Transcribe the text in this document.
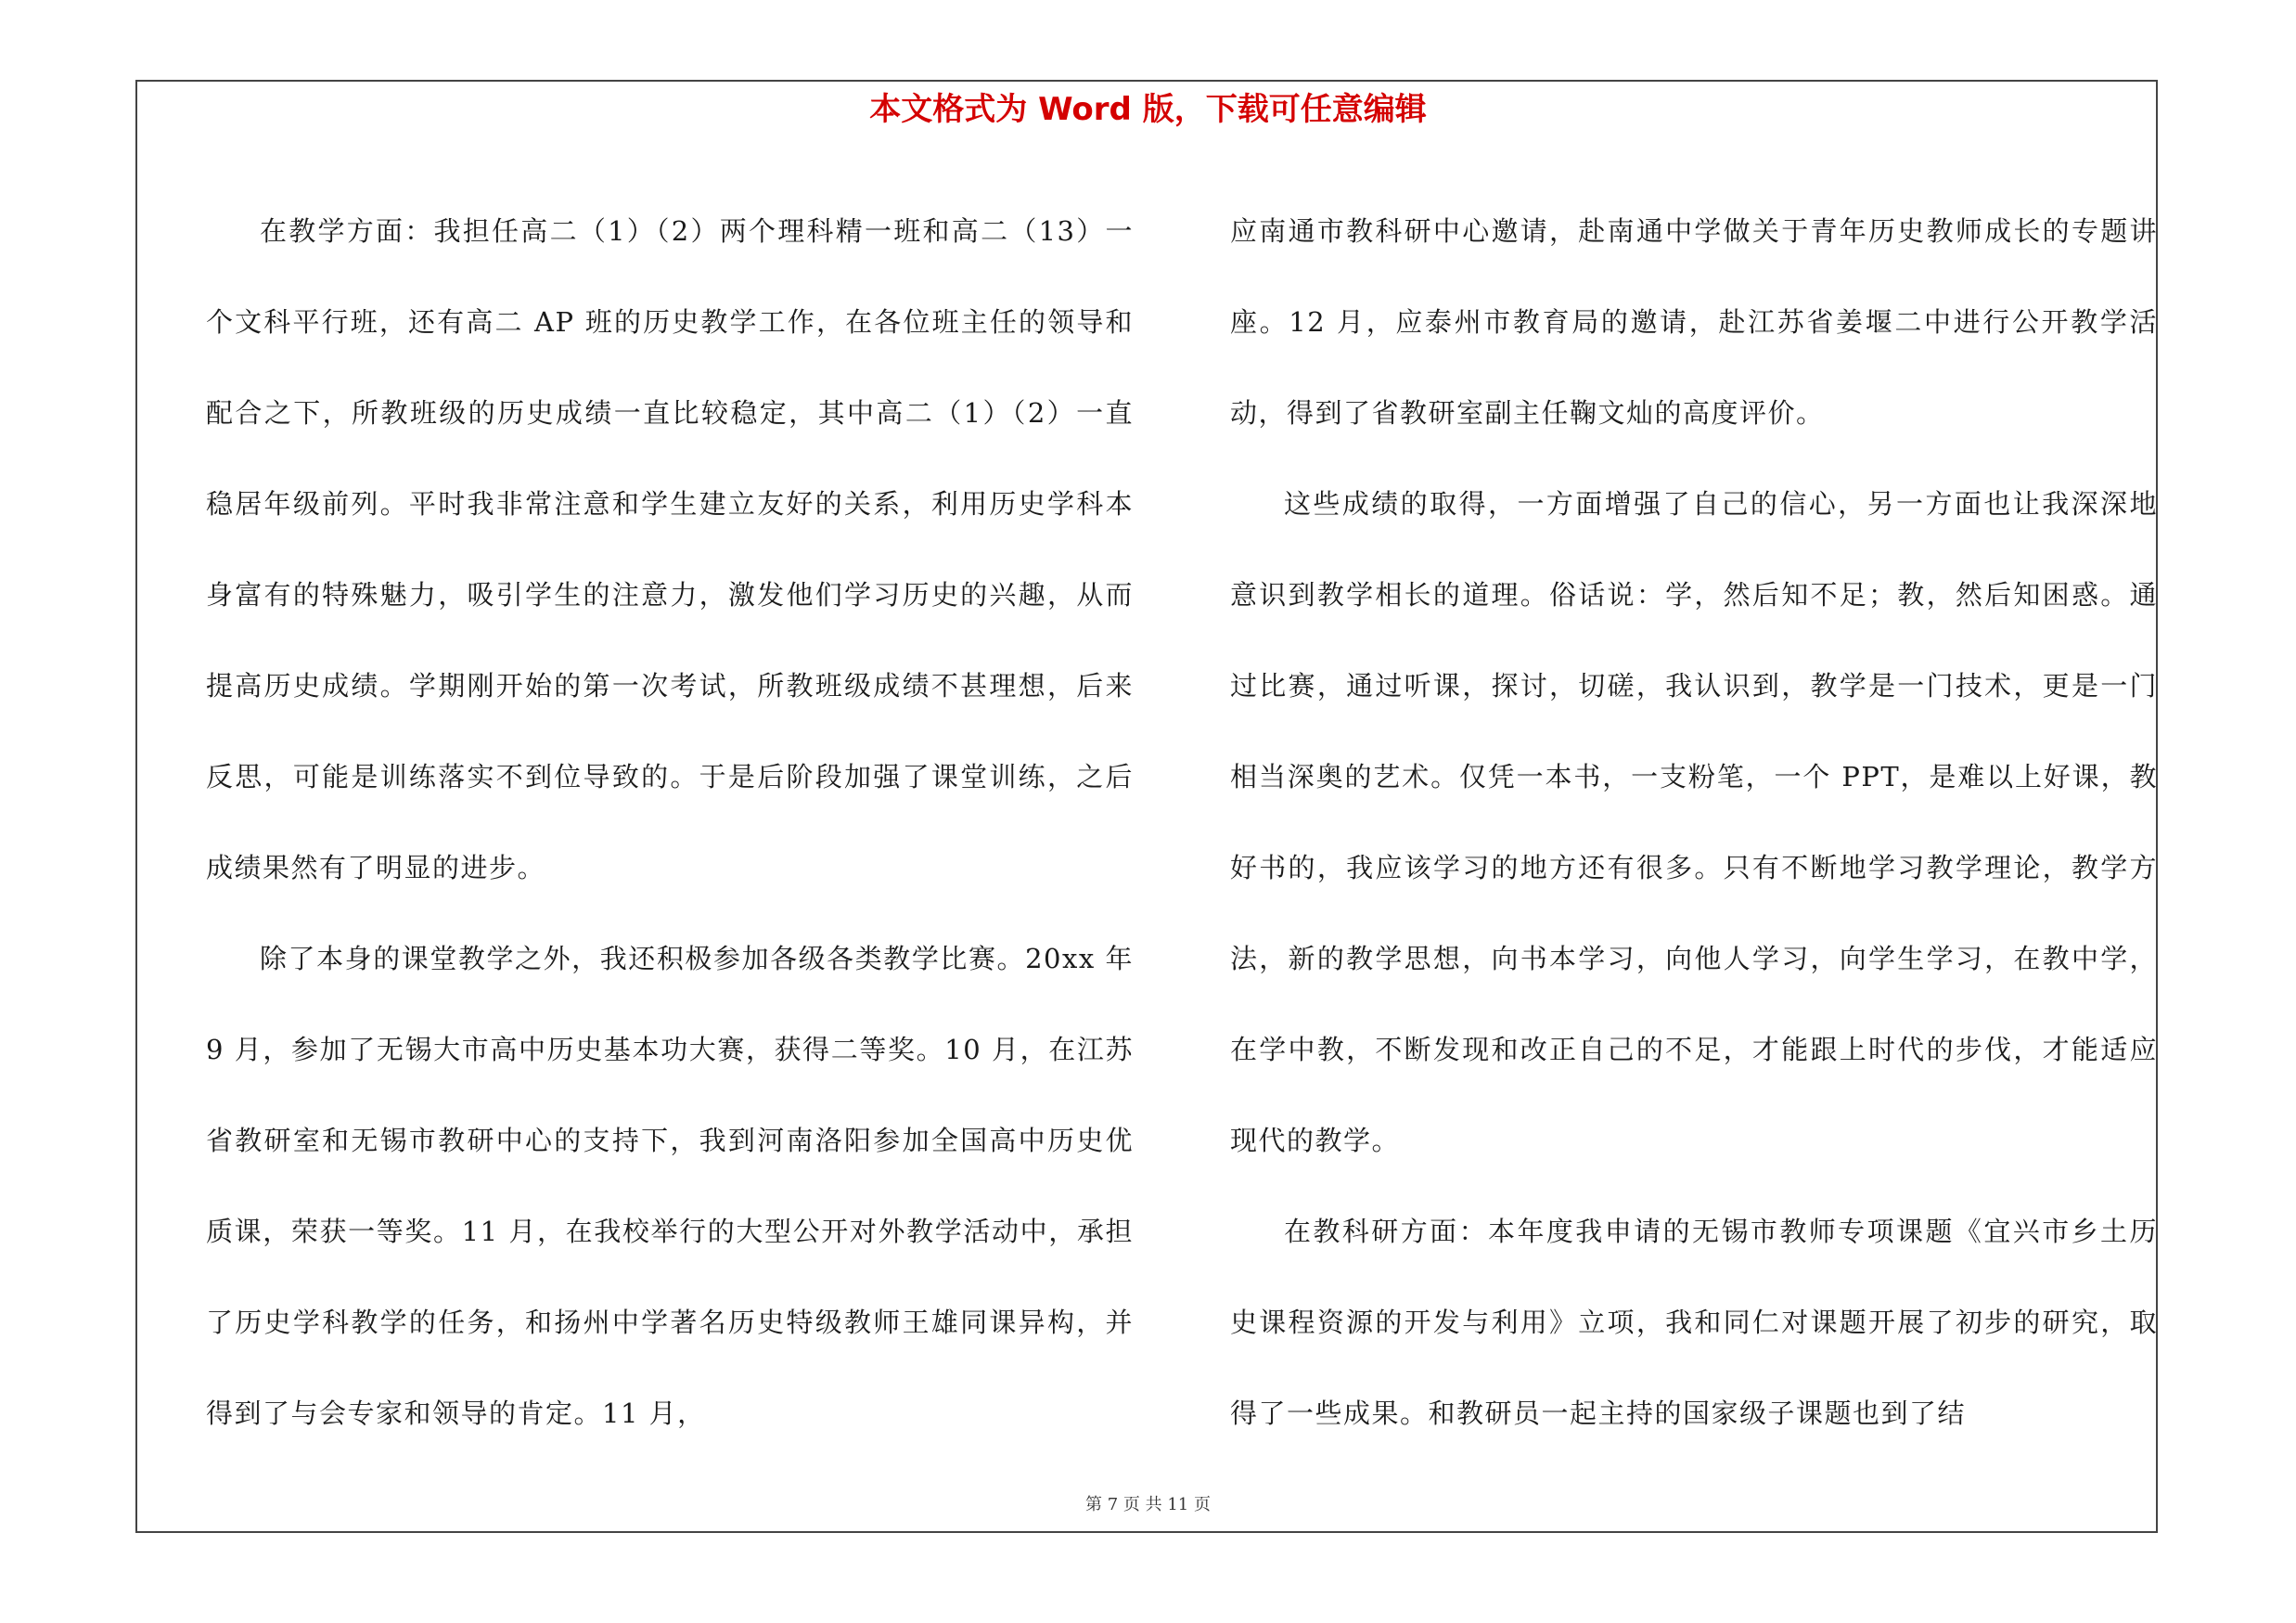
本文格式为 Word 版，下载可任意编辑

在教学方面：我担任高二（1）（2）两个理科精一班和高二（13）一个文科平行班，还有高二 AP 班的历史教学工作，在各位班主任的领导和配合之下，所教班级的历史成绩一直比较稳定，其中高二（1）（2）一直稳居年级前列。平时我非常注意和学生建立友好的关系，利用历史学科本身富有的特殊魅力，吸引学生的注意力，激发他们学习历史的兴趣，从而提高历史成绩。学期刚开始的第一次考试，所教班级成绩不甚理想，后来反思，可能是训练落实不到位导致的。于是后阶段加强了课堂训练，之后成绩果然有了明显的进步。

除了本身的课堂教学之外，我还积极参加各级各类教学比赛。20xx 年 9 月，参加了无锡大市高中历史基本功大赛，获得二等奖。10 月，在江苏省教研室和无锡市教研中心的支持下，我到河南洛阳参加全国高中历史优质课，荣获一等奖。11 月，在我校举行的大型公开对外教学活动中，承担了历史学科教学的任务，和扬州中学著名历史特级教师王雄同课异构，并得到了与会专家和领导的肯定。11 月，

应南通市教科研中心邀请，赴南通中学做关于青年历史教师成长的专题讲座。12 月，应泰州市教育局的邀请，赴江苏省姜堰二中进行公开教学活动，得到了省教研室副主任鞠文灿的高度评价。

这些成绩的取得，一方面增强了自己的信心，另一方面也让我深深地意识到教学相长的道理。俗话说：学，然后知不足；教，然后知困惑。通过比赛，通过听课，探讨，切磋，我认识到，教学是一门技术，更是一门相当深奥的艺术。仅凭一本书，一支粉笔，一个 PPT，是难以上好课，教好书的，我应该学习的地方还有很多。只有不断地学习教学理论，教学方法，新的教学思想，向书本学习，向他人学习，向学生学习，在教中学，在学中教，不断发现和改正自己的不足，才能跟上时代的步伐，才能适应现代的教学。

在教科研方面：本年度我申请的无锡市教师专项课题《宜兴市乡土历史课程资源的开发与利用》立项，我和同仁对课题开展了初步的研究，取得了一些成果。和教研员一起主持的国家级子课题也到了结

第 7 页 共 11 页
